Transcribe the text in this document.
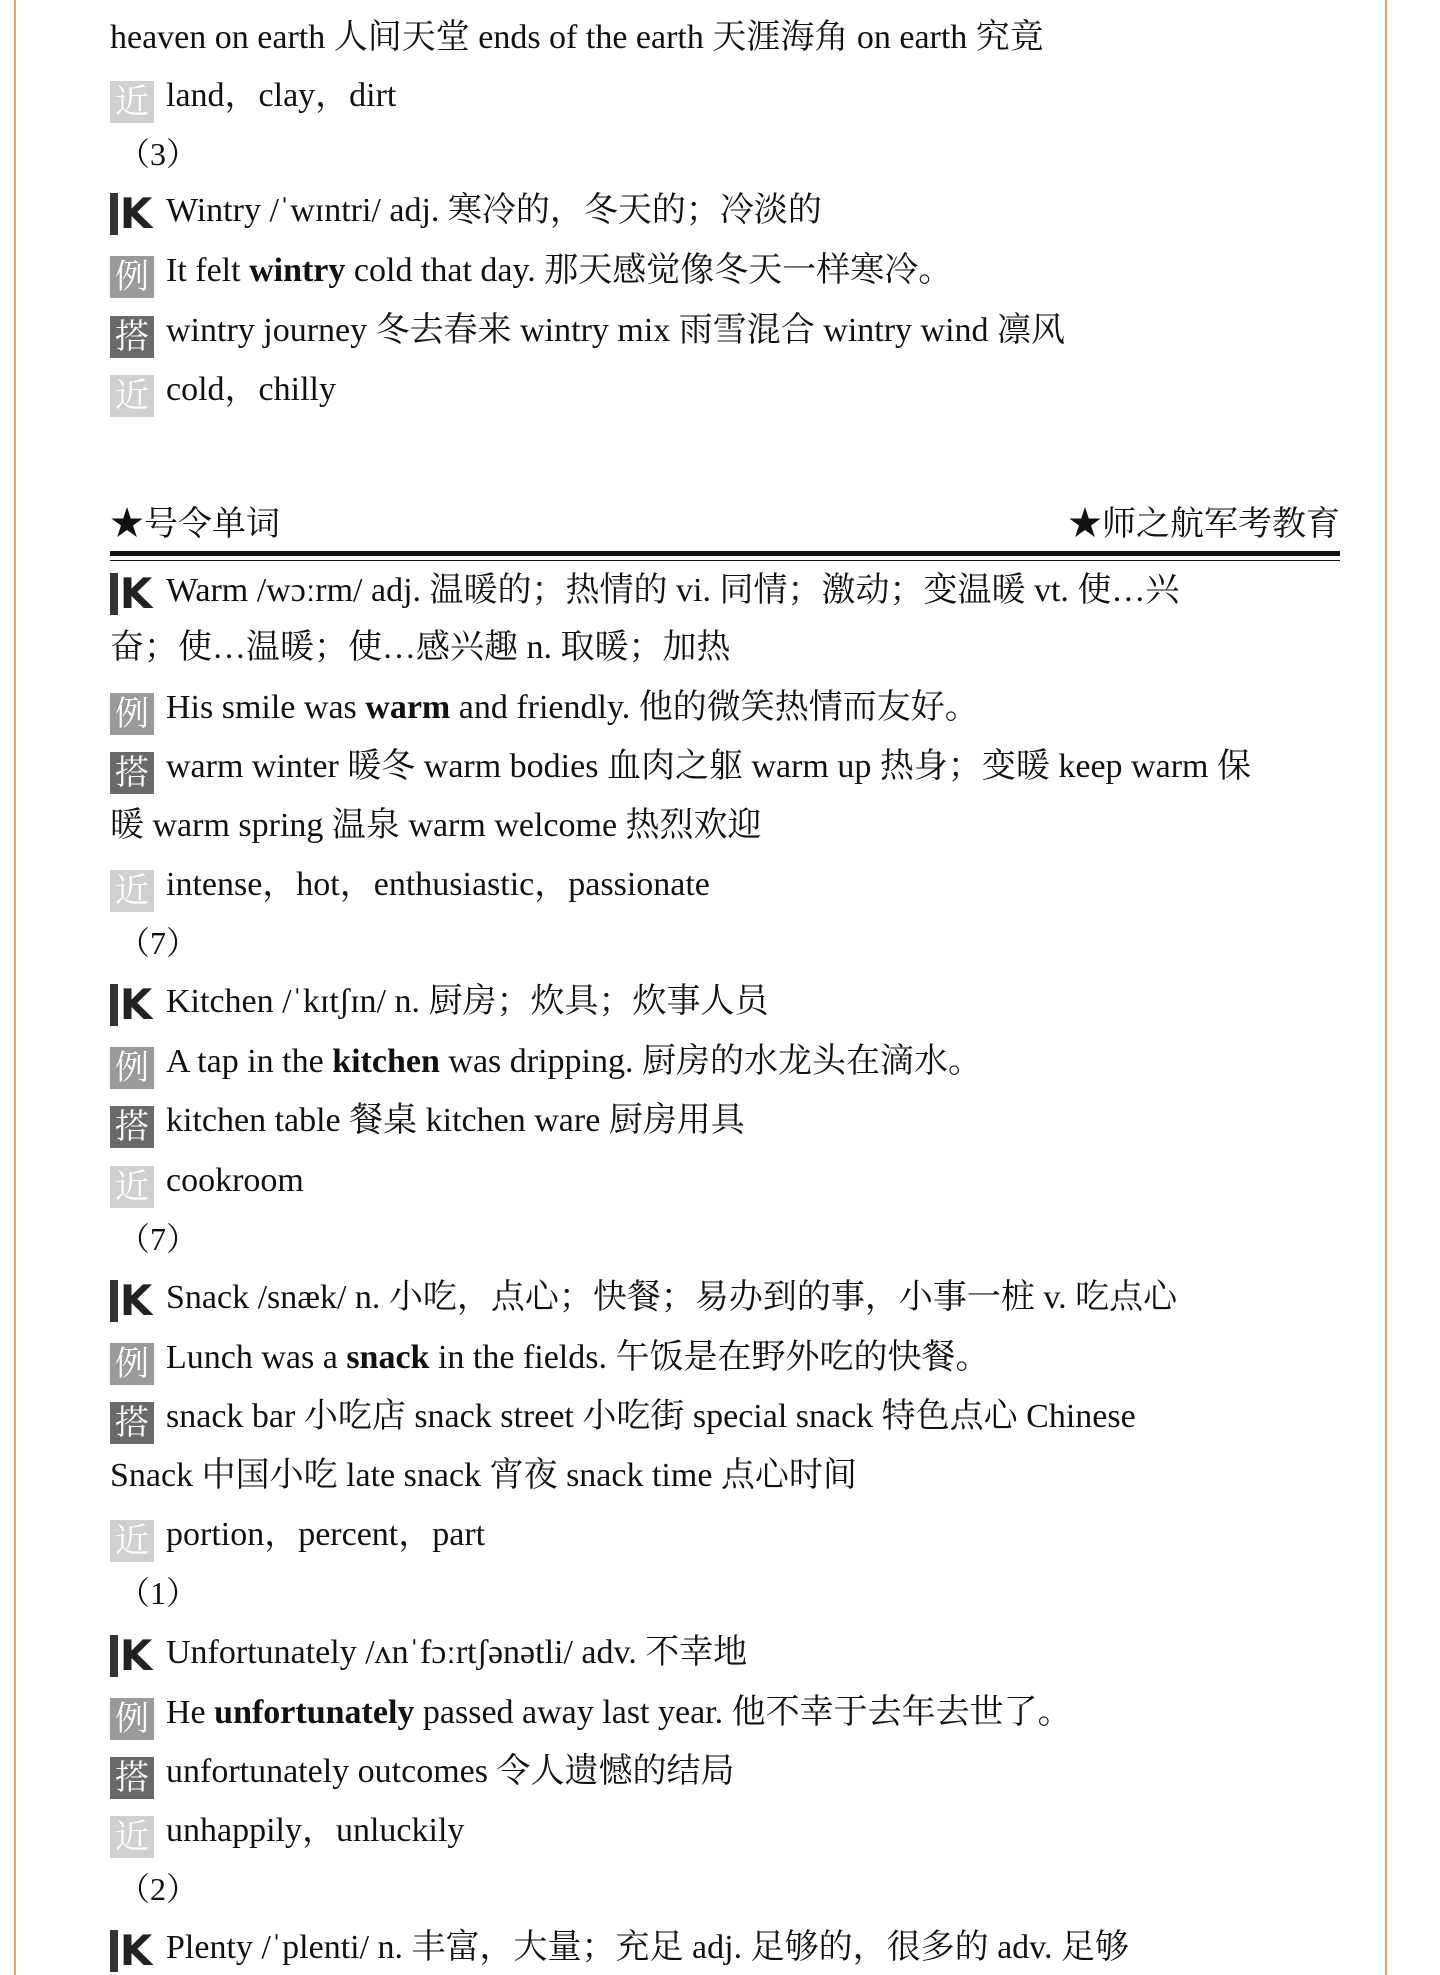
heaven on earth 人间天堂 ends of the earth 天涯海角 on earth 究竟
近 land，clay，dirt
（3）
K Wintry /ˈwɪntri/ adj. 寒冷的，冬天的；冷淡的
例 It felt wintry cold that day. 那天感觉像冬天一样寒冷。
搭 wintry journey 冬去春来 wintry mix 雨雪混合 wintry wind 凛风
近 cold，chilly
★号令单词	★师之航军考教育
K Warm /wɔːrm/ adj. 温暖的；热情的 vi. 同情；激动；变温暖 vt. 使…兴
奋；使…温暖；使…感兴趣 n. 取暖；加热
例 His smile was warm and friendly. 他的微笑热情而友好。
搭 warm winter 暖冬 warm bodies 血肉之躯 warm up 热身；变暖 keep warm 保
暖 warm spring 温泉 warm welcome 热烈欢迎
近 intense，hot，enthusiastic，passionate
（7）
K Kitchen /ˈkɪtʃɪn/ n. 厨房；炊具；炊事人员
例 A tap in the kitchen was dripping. 厨房的水龙头在滴水。
搭 kitchen table 餐桌 kitchen ware 厨房用具
近 cookroom
（7）
K Snack /snæk/ n. 小吃，点心；快餐；易办到的事，小事一桩 v. 吃点心
例 Lunch was a snack in the fields. 午饭是在野外吃的快餐。
搭 snack bar 小吃店 snack street 小吃街 special snack 特色点心 Chinese
Snack 中国小吃 late snack 宵夜 snack time 点心时间
近 portion，percent，part
（1）
K Unfortunately /ʌnˈfɔːrtʃənətli/ adv. 不幸地
例 He unfortunately passed away last year. 他不幸于去年去世了。
搭 unfortunately outcomes 令人遗憾的结局
近 unhappily，unluckily
（2）
K Plenty /ˈplenti/ n. 丰富，大量；充足 adj. 足够的，很多的 adv. 足够
